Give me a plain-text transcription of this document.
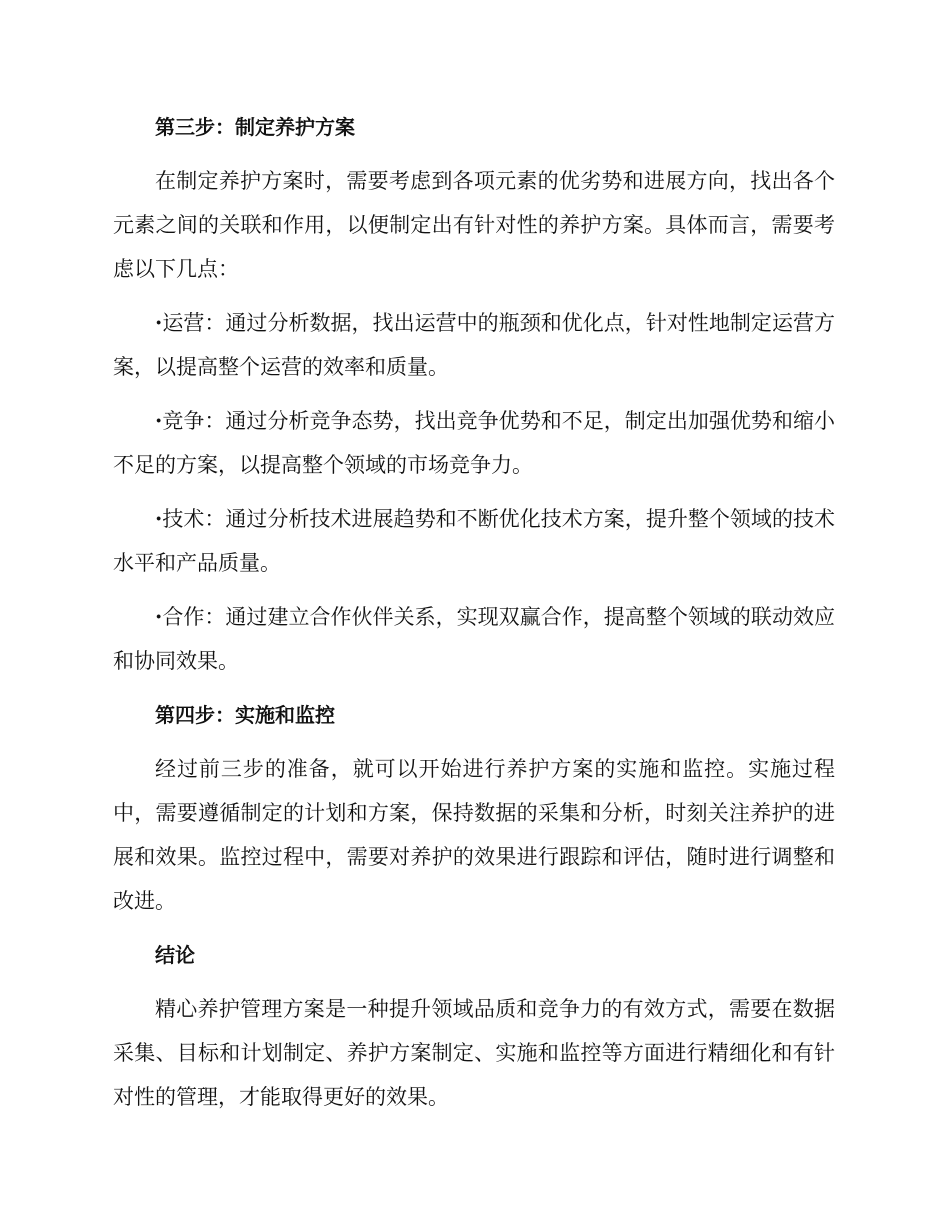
第三步：制定养护方案

在制定养护方案时，需要考虑到各项元素的优劣势和进展方向，找出各个元素之间的关联和作用，以便制定出有针对性的养护方案。具体而言，需要考虑以下几点：

·运营：通过分析数据，找出运营中的瓶颈和优化点，针对性地制定运营方案，以提高整个运营的效率和质量。

·竞争：通过分析竞争态势，找出竞争优势和不足，制定出加强优势和缩小不足的方案，以提高整个领域的市场竞争力。

·技术：通过分析技术进展趋势和不断优化技术方案，提升整个领域的技术水平和产品质量。

·合作：通过建立合作伙伴关系，实现双赢合作，提高整个领域的联动效应和协同效果。

第四步：实施和监控

经过前三步的准备，就可以开始进行养护方案的实施和监控。实施过程中，需要遵循制定的计划和方案，保持数据的采集和分析，时刻关注养护的进展和效果。监控过程中，需要对养护的效果进行跟踪和评估，随时进行调整和改进。

结论

精心养护管理方案是一种提升领域品质和竞争力的有效方式，需要在数据采集、目标和计划制定、养护方案制定、实施和监控等方面进行精细化和有针对性的管理，才能取得更好的效果。
